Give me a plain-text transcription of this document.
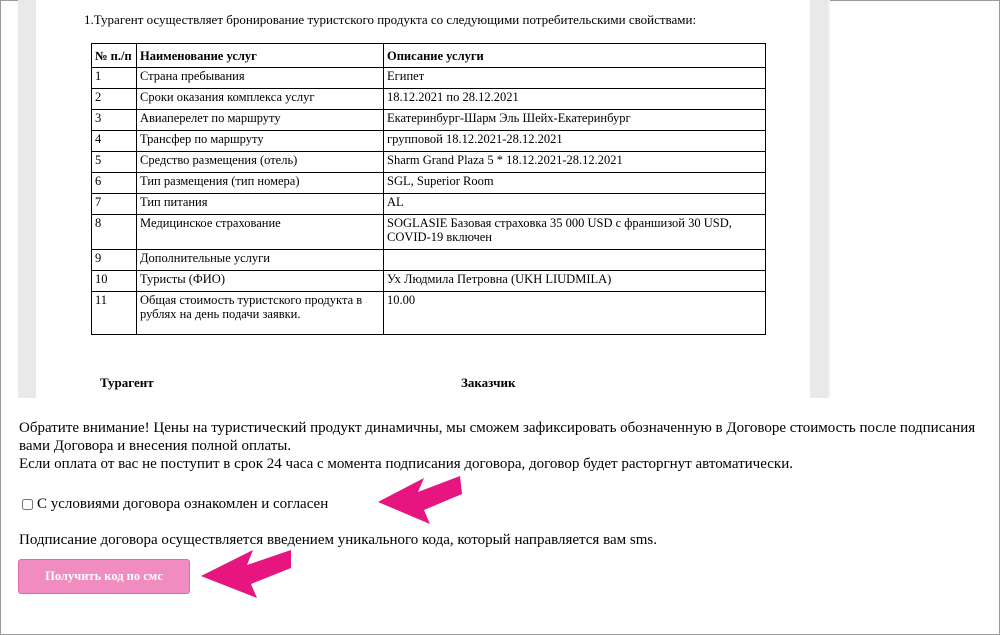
1.Турагент осуществляет бронирование туристского продукта со следующими потребительскими свойствами:
№ п./п	Наименование услуг	Описание услуги
1	Страна пребывания	Египет
2	Сроки оказания комплекса услуг	18.12.2021 по 28.12.2021
3	Авиаперелет по маршруту	Екатеринбург-Шарм Эль Шейх-Екатеринбург
4	Трансфер по маршруту	групповой 18.12.2021-28.12.2021
5	Средство размещения (отель)	Sharm Grand Plaza 5 * 18.12.2021-28.12.2021
6	Тип размещения (тип номера)	SGL, Superior Room
7	Тип питания	AL
8	Медицинское страхование	SOGLASIE Базовая страховка 35 000 USD с франшизой 30 USD, COVID-19 включен
9	Дополнительные услуги	
10	Туристы (ФИО)	Ух Людмила Петровна (UKH LIUDMILA)
11	Общая стоимость туристского продукта в рублях на день подачи заявки.	10.00
Турагент	Заказчик
Обратите внимание! Цены на туристический продукт динамичны, мы сможем зафиксировать обозначенную в Договоре стоимость после подписания вами Договора и внесения полной оплаты.
Если оплата от вас не поступит в срок 24 часа с момента подписания договора, договор будет расторгнут автоматически.
С условиями договора ознакомлен и согласен
Подписание договора осуществляется введением уникального кода, который направляется вам sms.
Получить код по смс
